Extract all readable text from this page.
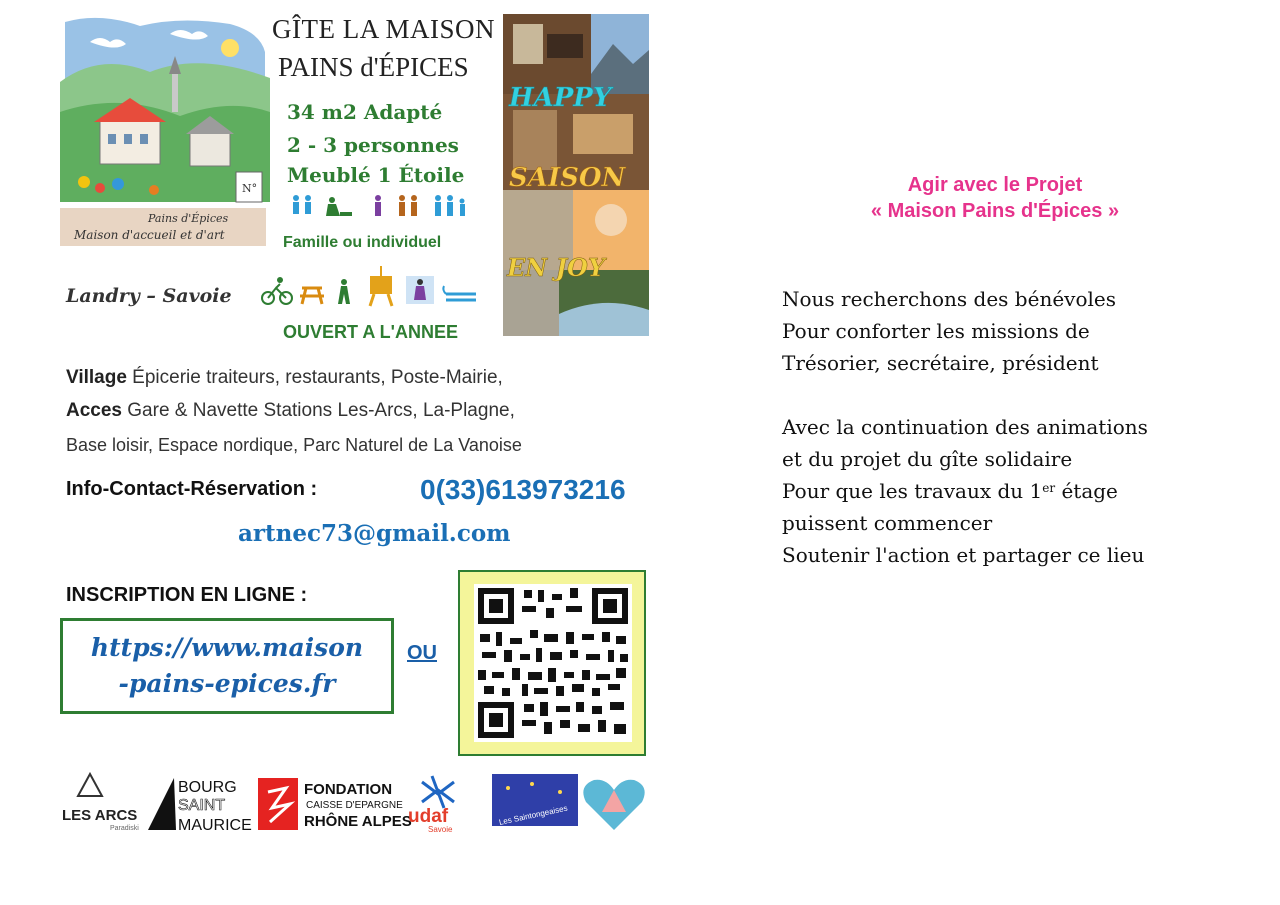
N°
Pains d'Épices
Maison d'accueil et d'art
GÎTE LA MAISON
PAINS d'ÉPICES
34 m2 Adapté
2 - 3 personnes
Meublé 1 Étoile
Famille ou individuel
HAPPY
SAISON
EN JOY
Landry – Savoie
OUVERT A L'ANNEE
Village Épicerie traiteurs, restaurants, Poste-Mairie,
Acces Gare & Navette Stations Les-Arcs, La-Plagne,
Base loisir, Espace nordique, Parc Naturel de La Vanoise
Info-Contact-Réservation :	0(33)613973216
artnec73@gmail.com
INSCRIPTION EN LIGNE :
https://www.maison
-pains-epices.fr
OU
LES ARCS
Paradiski
BOURG
SAINT
MAURICE
FONDATION
CAISSE D'EPARGNE
RHÔNE ALPES
udaf
Savoie
Les Saintongeaises
Agir avec le Projet
« Maison Pains d'Épices »
Nous recherchons des bénévoles
Pour conforter les missions de
Trésorier, secrétaire, président
Avec la continuation des animations
et du projet du gîte solidaire
Pour que les travaux du 1er étage
puissent commencer
Soutenir l'action et partager ce lieu
